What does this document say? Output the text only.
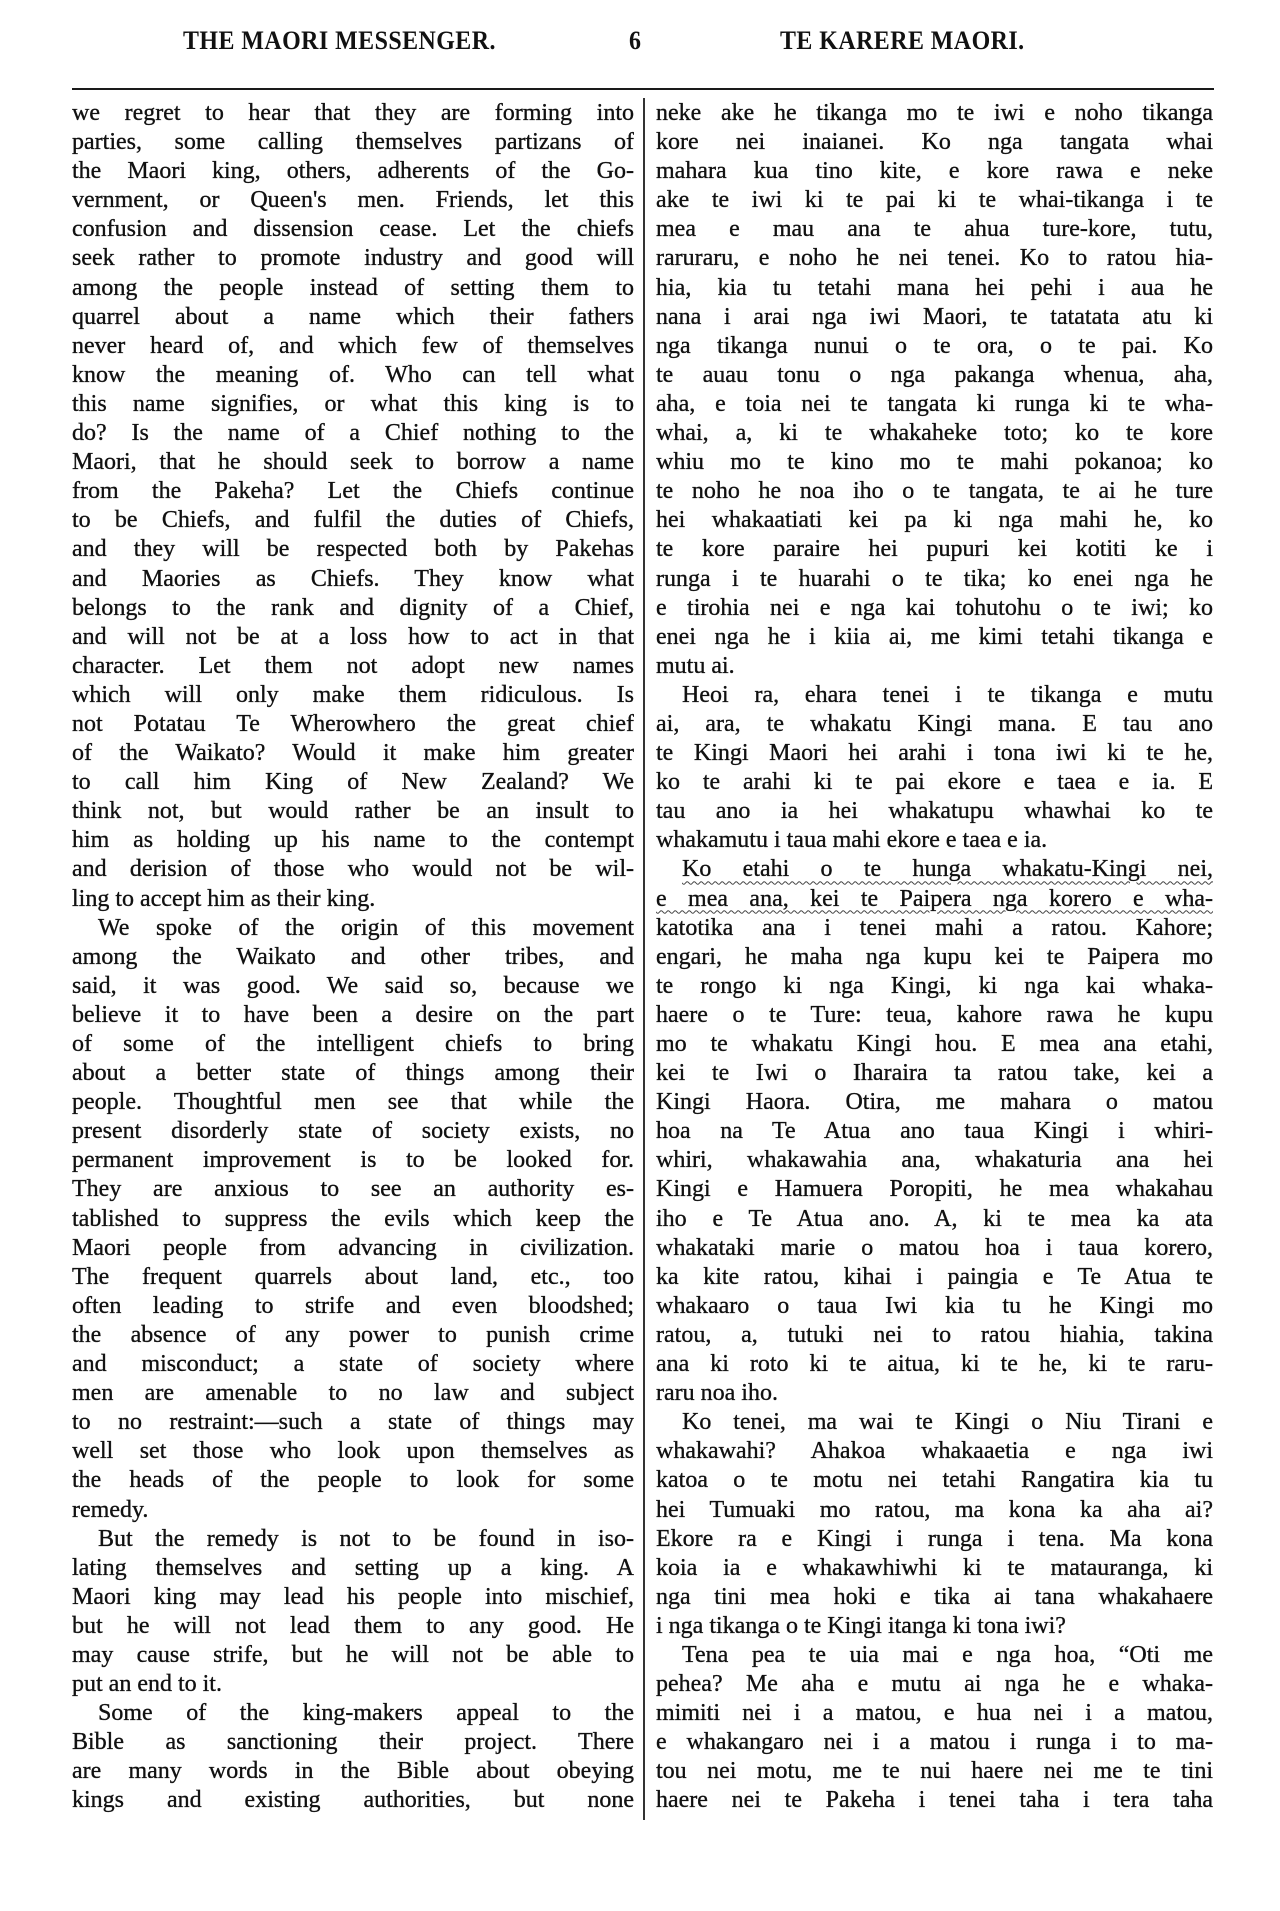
THE MAORI MESSENGER.	6	TE KARERE MAORI.
we regret to hear that they are forming into
parties, some calling themselves partizans of
the Maori king, others, adherents of the Go-
vernment, or Queen's men. Friends, let this
confusion and dissension cease. Let the chiefs
seek rather to promote industry and good will
among the people instead of setting them to
quarrel about a name which their fathers
never heard of, and which few of themselves
know the meaning of. Who can tell what
this name signifies, or what this king is to
do? Is the name of a Chief nothing to the
Maori, that he should seek to borrow a name
from the Pakeha? Let the Chiefs continue
to be Chiefs, and fulfil the duties of Chiefs,
and they will be respected both by Pakehas
and Maories as Chiefs. They know what
belongs to the rank and dignity of a Chief,
and will not be at a loss how to act in that
character. Let them not adopt new names
which will only make them ridiculous. Is
not Potatau Te Wherowhero the great chief
of the Waikato? Would it make him greater
to call him King of New Zealand? We
think not, but would rather be an insult to
him as holding up his name to the contempt
and derision of those who would not be wil-
ling to accept him as their king.
We spoke of the origin of this movement
among the Waikato and other tribes, and
said, it was good. We said so, because we
believe it to have been a desire on the part
of some of the intelligent chiefs to bring
about a better state of things among their
people. Thoughtful men see that while the
present disorderly state of society exists, no
permanent improvement is to be looked for.
They are anxious to see an authority es-
tablished to suppress the evils which keep the
Maori people from advancing in civilization.
The frequent quarrels about land, etc., too
often leading to strife and even bloodshed;
the absence of any power to punish crime
and misconduct; a state of society where
men are amenable to no law and subject
to no restraint:—such a state of things may
well set those who look upon themselves as
the heads of the people to look for some
remedy.
But the remedy is not to be found in iso-
lating themselves and setting up a king. A
Maori king may lead his people into mischief,
but he will not lead them to any good. He
may cause strife, but he will not be able to
put an end to it.
Some of the king-makers appeal to the
Bible as sanctioning their project. There
are many words in the Bible about obeying
kings and existing authorities, but none
neke ake he tikanga mo te iwi e noho tikanga
kore nei inaianei. Ko nga tangata whai
mahara kua tino kite, e kore rawa e neke
ake te iwi ki te pai ki te whai-tikanga i te
mea e mau ana te ahua ture-kore, tutu,
raruraru, e noho he nei tenei. Ko to ratou hia-
hia, kia tu tetahi mana hei pehi i aua he
nana i arai nga iwi Maori, te tatatata atu ki
nga tikanga nunui o te ora, o te pai. Ko
te auau tonu o nga pakanga whenua, aha,
aha, e toia nei te tangata ki runga ki te wha-
whai, a, ki te whakaheke toto; ko te kore
whiu mo te kino mo te mahi pokanoa; ko
te noho he noa iho o te tangata, te ai he ture
hei whakaatiati kei pa ki nga mahi he, ko
te kore paraire hei pupuri kei kotiti ke i
runga i te huarahi o te tika; ko enei nga he
e tirohia nei e nga kai tohutohu o te iwi; ko
enei nga he i kiia ai, me kimi tetahi tikanga e
mutu ai.
Heoi ra, ehara tenei i te tikanga e mutu
ai, ara, te whakatu Kingi mana. E tau ano
te Kingi Maori hei arahi i tona iwi ki te he,
ko te arahi ki te pai ekore e taea e ia. E
tau ano ia hei whakatupu whawhai ko te
whakamutu i taua mahi ekore e taea e ia.
Ko etahi o te hunga whakatu-Kingi nei,
e mea ana, kei te Paipera nga korero e wha-
katotika ana i tenei mahi a ratou. Kahore;
engari, he maha nga kupu kei te Paipera mo
te rongo ki nga Kingi, ki nga kai whaka-
haere o te Ture: teua, kahore rawa he kupu
mo te whakatu Kingi hou. E mea ana etahi,
kei te Iwi o Iharaira ta ratou take, kei a
Kingi Haora. Otira, me mahara o matou
hoa na Te Atua ano taua Kingi i whiri-
whiri, whakawahia ana, whakaturia ana hei
Kingi e Hamuera Poropiti, he mea whakahau
iho e Te Atua ano. A, ki te mea ka ata
whakataki marie o matou hoa i taua korero,
ka kite ratou, kihai i paingia e Te Atua te
whakaaro o taua Iwi kia tu he Kingi mo
ratou, a, tutuki nei to ratou hiahia, takina
ana ki roto ki te aitua, ki te he, ki te raru-
raru noa iho.
Ko tenei, ma wai te Kingi o Niu Tirani e
whakawahi? Ahakoa whakaaetia e nga iwi
katoa o te motu nei tetahi Rangatira kia tu
hei Tumuaki mo ratou, ma kona ka aha ai?
Ekore ra e Kingi i runga i tena. Ma kona
koia ia e whakawhiwhi ki te matauranga, ki
nga tini mea hoki e tika ai tana whakahaere
i nga tikanga o te Kingi itanga ki tona iwi?
Tena pea te uia mai e nga hoa, “Oti me
pehea? Me aha e mutu ai nga he e whaka-
mimiti nei i a matou, e hua nei i a matou,
e whakangaro nei i a matou i runga i to ma-
tou nei motu, me te nui haere nei me te tini
haere nei te Pakeha i tenei taha i tera taha
